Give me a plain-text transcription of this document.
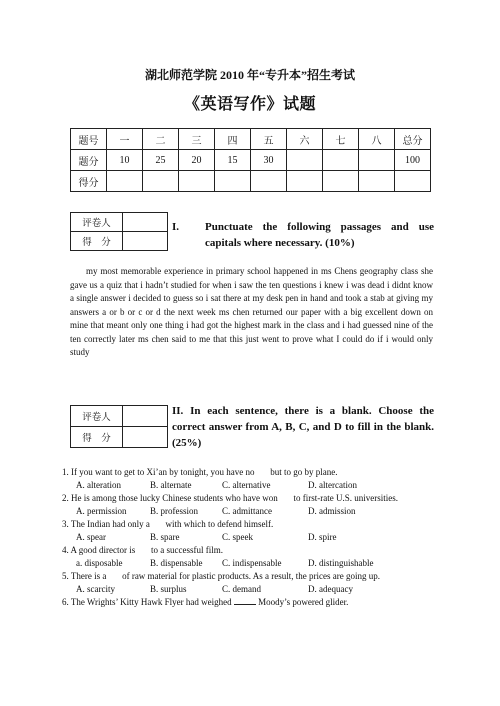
湖北师范学院 2010 年“专升本”招生考试
《英语写作》试题
题号	一	二	三	四	五	六	七	八	总分
题分	10	25	20	15	30				100
得分									
评卷人	
得　分	
I.	Punctuate the following passages and use capitals where necessary. (10%)
my most memorable experience in primary school happened in ms Chens geography class she gave us a quiz that i hadn’t studied for when i saw the ten questions i knew i was dead i didnt know a single answer i decided to guess so i sat there at my desk pen in hand and took a stab at giving my answers a or b or c or d the next week ms chen returned our paper with a big excellent down on mine that meant only one thing i had got the highest mark in the class and i had guessed nine of the ten correctly later ms chen said to me that this just went to prove what I could do if i would only study
评卷人	
得　分	
II. In each sentence, there is a blank. Choose the correct answer from A, B, C, and D to fill in the blank. (25%)
1. If you want to get to Xi’an by tonight, you have no       but to go by plane.
A. alteration	B. alternate	C. alternative	D. altercation
2. He is among those lucky Chinese students who have won       to first-rate U.S. universities.
A. permission	B. profession	C. admittance	D. admission
3. The Indian had only a       with which to defend himself.
A. spear	B. spare	C. speek	D. spire
4. A good director is       to a successful film.
a. disposable	B. dispensable C. indispensable	D. distinguishable
5. There is a       of raw material for plastic products. As a result, the prices are going up.
A. scarcity	B. surplus	C. demand	D. adequacy
6. The Wrights’ Kitty Hawk Flyer had weighed	Moody’s powered glider.
